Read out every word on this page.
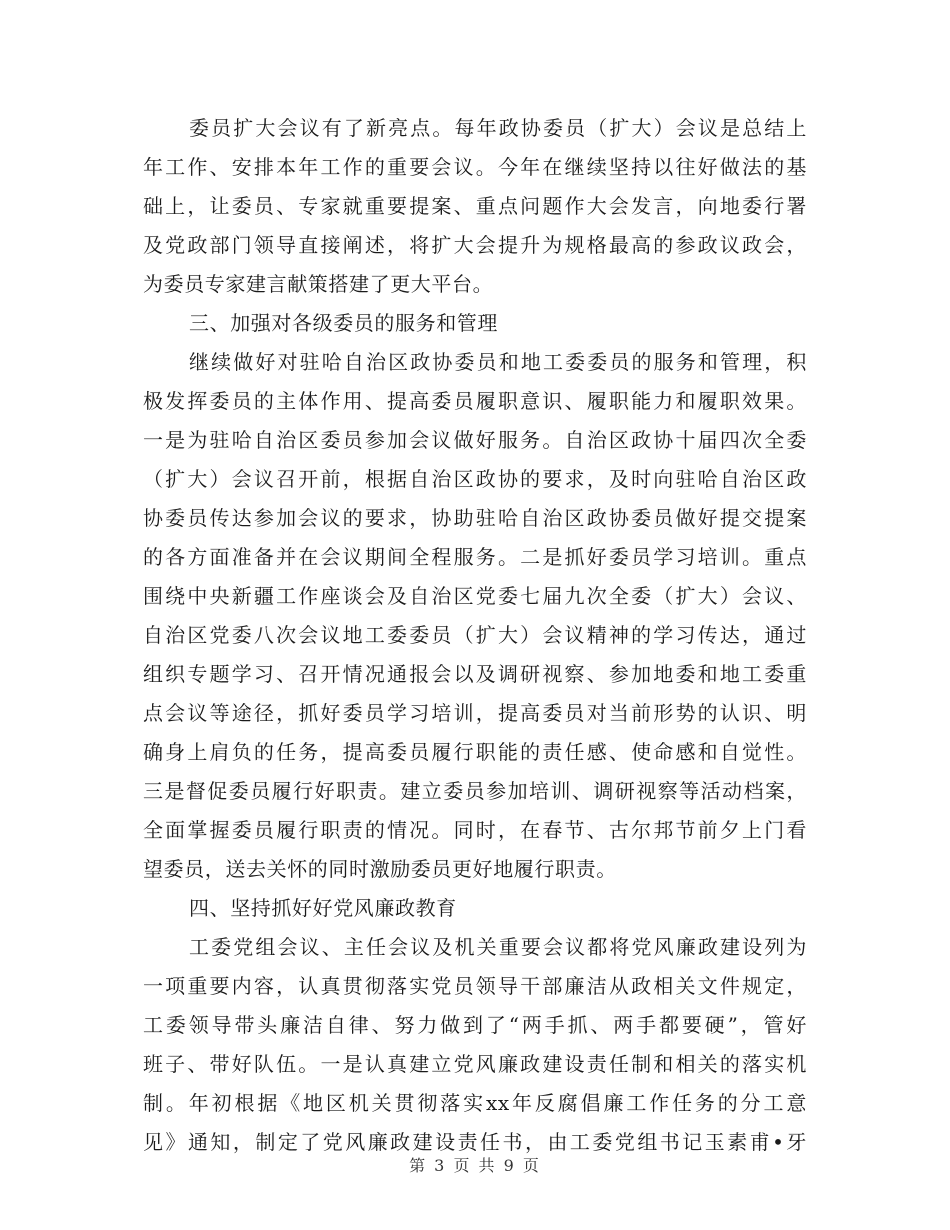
委员扩大会议有了新亮点。每年政协委员（扩大）会议是总结上
年工作、安排本年工作的重要会议。今年在继续坚持以往好做法的基
础上，让委员、专家就重要提案、重点问题作大会发言，向地委行署
及党政部门领导直接阐述，将扩大会提升为规格最高的参政议政会，
为委员专家建言献策搭建了更大平台。
三、加强对各级委员的服务和管理
继续做好对驻哈自治区政协委员和地工委委员的服务和管理，积
极发挥委员的主体作用、提高委员履职意识、履职能力和履职效果。
一是为驻哈自治区委员参加会议做好服务。自治区政协十届四次全委
（扩大）会议召开前，根据自治区政协的要求，及时向驻哈自治区政
协委员传达参加会议的要求，协助驻哈自治区政协委员做好提交提案
的各方面准备并在会议期间全程服务。二是抓好委员学习培训。重点
围绕中央新疆工作座谈会及自治区党委七届九次全委（扩大）会议、
自治区党委八次会议地工委委员（扩大）会议精神的学习传达，通过
组织专题学习、召开情况通报会以及调研视察、参加地委和地工委重
点会议等途径，抓好委员学习培训，提高委员对当前形势的认识、明
确身上肩负的任务，提高委员履行职能的责任感、使命感和自觉性。
三是督促委员履行好职责。建立委员参加培训、调研视察等活动档案，
全面掌握委员履行职责的情况。同时，在春节、古尔邦节前夕上门看
望委员，送去关怀的同时激励委员更好地履行职责。
四、坚持抓好好党风廉政教育
工委党组会议、主任会议及机关重要会议都将党风廉政建设列为
一项重要内容，认真贯彻落实党员领导干部廉洁从政相关文件规定，
工委领导带头廉洁自律、努力做到了“两手抓、两手都要硬”，管好
班子、带好队伍。一是认真建立党风廉政建设责任制和相关的落实机
制。年初根据《地区机关贯彻落实xx年反腐倡廉工作任务的分工意
见》通知，制定了党风廉政建设责任书，由工委党组书记玉素甫•牙
第 3 页 共 9 页
